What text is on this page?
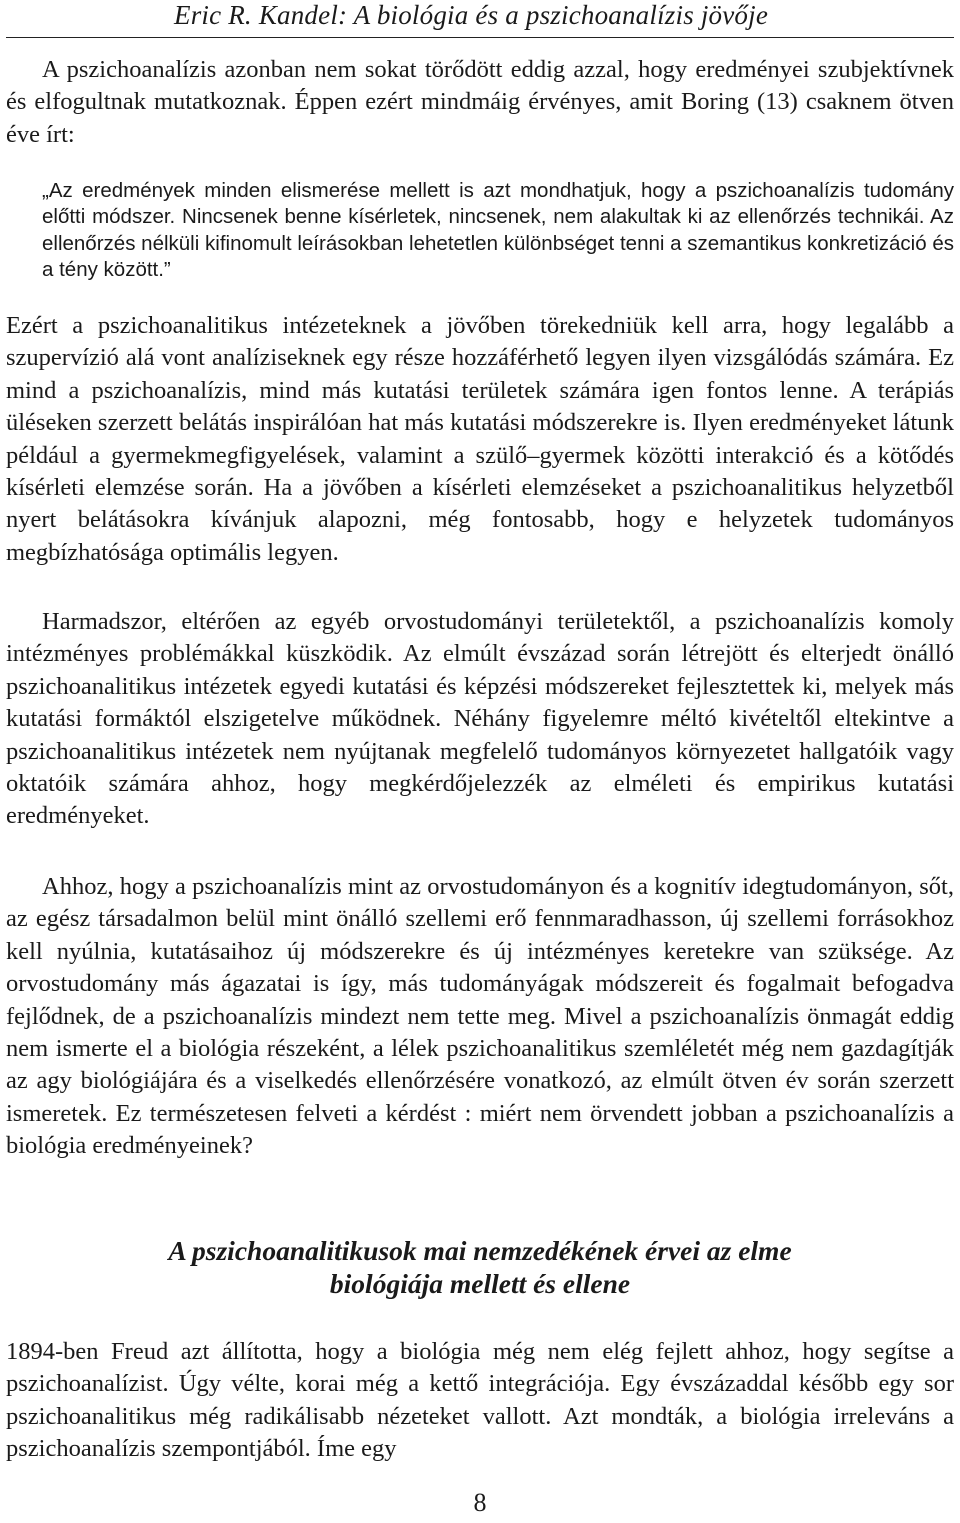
Eric R. Kandel: A biológia és a pszichoanalízis jövője

A pszichoanalízis azonban nem sokat törődött eddig azzal, hogy eredményei szubjektívnek és elfogultnak mutatkoznak. Éppen ezért mindmáig érvényes, amit Boring (13) csaknem ötven éve írt:

„Az eredmények minden elismerése mellett is azt mondhatjuk, hogy a pszichoanalízis tudomány előtti módszer. Nincsenek benne kísérletek, nincsenek, nem alakultak ki az ellenőrzés technikái. Az ellenőrzés nélküli kifinomult leírásokban lehetetlen különbséget tenni a szemantikus konkretizáció és a tény között.”

Ezért a pszichoanalitikus intézeteknek a jövőben törekedniük kell arra, hogy legalább a szupervízió alá vont analíziseknek egy része hozzáférhető legyen ilyen vizsgálódás számára. Ez mind a pszichoanalízis, mind más kutatási területek számára igen fontos lenne. A terápiás üléseken szerzett belátás inspirálóan hat más kutatási módszerekre is. Ilyen eredményeket látunk például a gyermekmegfigyelések, valamint a szülő–gyermek közötti interakció és a kötődés kísérleti elemzése során. Ha a jövőben a kísérleti elemzéseket a pszichoanalitikus helyzetből nyert belátásokra kívánjuk alapozni, még fontosabb, hogy e helyzetek tudományos megbízhatósága optimális legyen.

Harmadszor, eltérően az egyéb orvostudományi területektől, a pszichoanalízis komoly intézményes problémákkal küszködik. Az elmúlt évszázad során létrejött és elterjedt önálló pszichoanalitikus intézetek egyedi kutatási és képzési módszereket fejlesztettek ki, melyek más kutatási formáktól elszigetelve működnek. Néhány figyelemre méltó kivételtől eltekintve a pszichoanalitikus intézetek nem nyújtanak megfelelő tudományos környezetet hallgatóik vagy oktatóik számára ahhoz, hogy megkérdőjelezzék az elméleti és empirikus kutatási eredményeket.

Ahhoz, hogy a pszichoanalízis mint az orvostudományon és a kognitív idegtudományon, sőt, az egész társadalmon belül mint önálló szellemi erő fennmaradhasson, új szellemi forrásokhoz kell nyúlnia, kutatásaihoz új módszerekre és új intézményes keretekre van szüksége. Az orvostudomány más ágazatai is így, más tudományágak módszereit és fogalmait befogadva fejlődnek, de a pszichoanalízis mindezt nem tette meg. Mivel a pszichoanalízis önmagát eddig nem ismerte el a biológia részeként, a lélek pszichoanalitikus szemléletét még nem gazdagítják az agy biológiájára és a viselkedés ellenőrzésére vonatkozó, az elmúlt ötven év során szerzett ismeretek. Ez természetesen felveti a kérdést : miért nem örvendett jobban a pszichoanalízis a biológia eredményeinek?

A pszichoanalitikusok mai nemzedékének érvei az elme
biológiája mellett és ellene

1894-ben Freud azt állította, hogy a biológia még nem elég fejlett ahhoz, hogy segítse a pszichoanalízist. Úgy vélte, korai még a kettő integrációja. Egy évszázaddal később egy sor pszichoanalitikus még radikálisabb nézeteket vallott. Azt mondták, a biológia irreleváns a pszichoanalízis szempontjából. Íme egy

8
